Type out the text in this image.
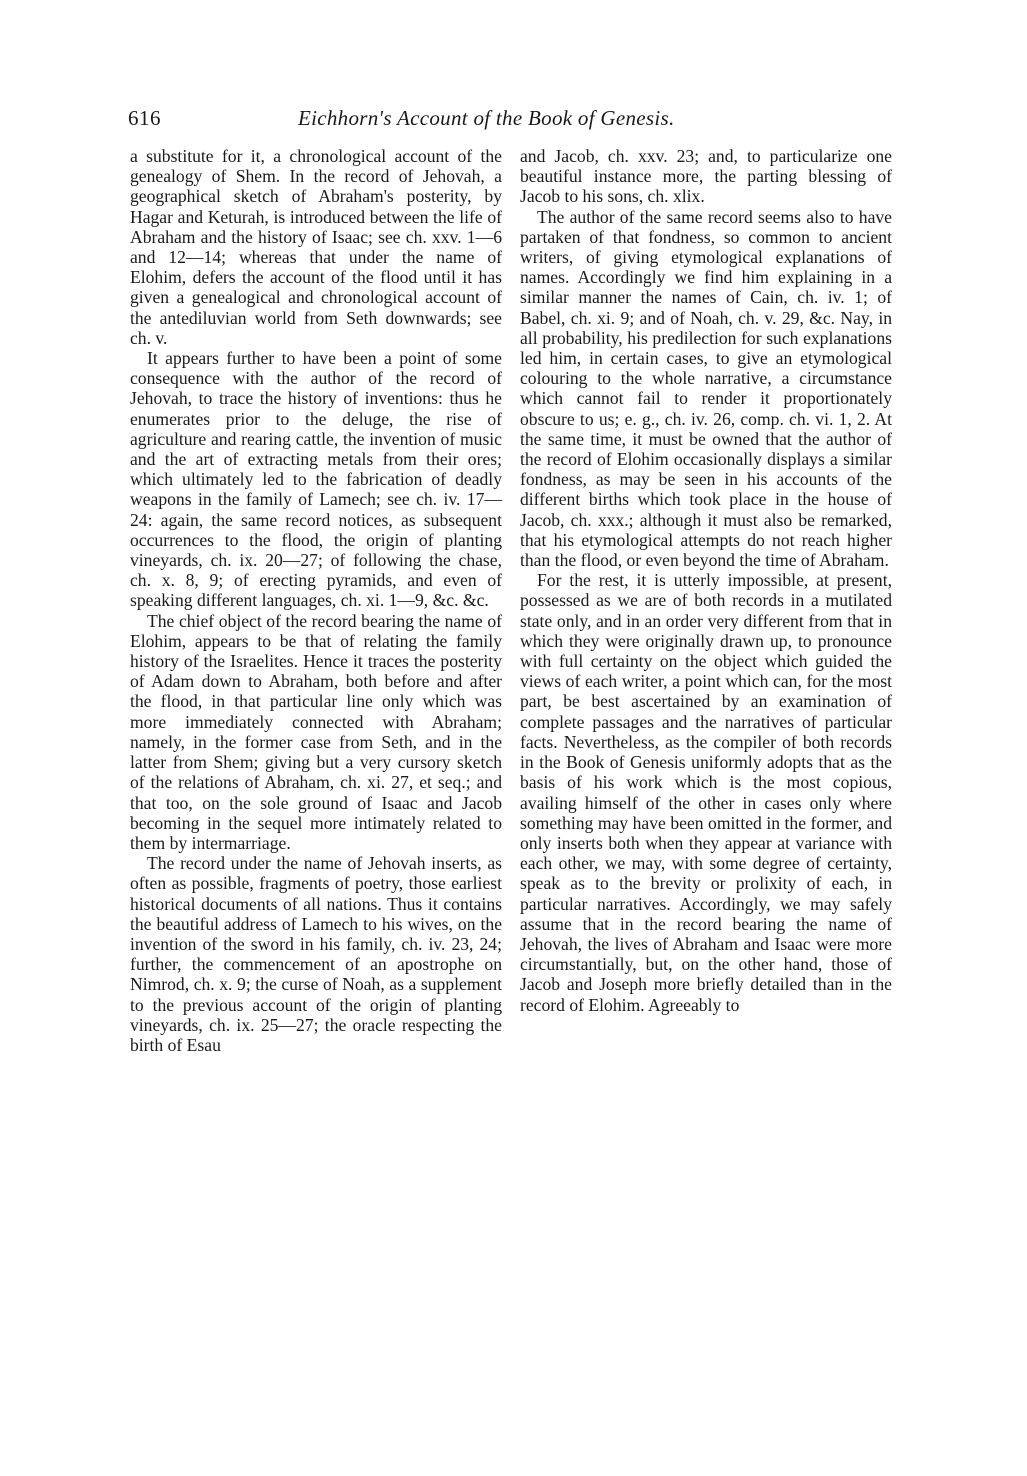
616	Eichhorn's Account of the Book of Genesis.

a substitute for it, a chronological account of the genealogy of Shem. In the record of Jehovah, a geographical sketch of Abraham's posterity, by Hagar and Keturah, is introduced between the life of Abraham and the history of Isaac; see ch. xxv. 1—6 and 12—14; whereas that under the name of Elohim, defers the account of the flood until it has given a genealogical and chronological account of the antediluvian world from Seth downwards; see ch. v.

It appears further to have been a point of some consequence with the author of the record of Jehovah, to trace the history of inventions: thus he enumerates prior to the deluge, the rise of agriculture and rearing cattle, the invention of music and the art of extracting metals from their ores; which ultimately led to the fabrication of deadly weapons in the family of Lamech; see ch. iv. 17—24: again, the same record notices, as subsequent occurrences to the flood, the origin of planting vineyards, ch. ix. 20—27; of following the chase, ch. x. 8, 9; of erecting pyramids, and even of speaking different languages, ch. xi. 1—9, &c. &c.

The chief object of the record bearing the name of Elohim, appears to be that of relating the family history of the Israelites. Hence it traces the posterity of Adam down to Abraham, both before and after the flood, in that particular line only which was more immediately connected with Abraham; namely, in the former case from Seth, and in the latter from Shem; giving but a very cursory sketch of the relations of Abraham, ch. xi. 27, et seq.; and that too, on the sole ground of Isaac and Jacob becoming in the sequel more intimately related to them by intermarriage.

The record under the name of Jehovah inserts, as often as possible, fragments of poetry, those earliest historical documents of all nations. Thus it contains the beautiful address of Lamech to his wives, on the invention of the sword in his family, ch. iv. 23, 24; further, the commencement of an apostrophe on Nimrod, ch. x. 9; the curse of Noah, as a supplement to the previous account of the origin of planting vineyards, ch. ix. 25—27; the oracle respecting the birth of Esau

and Jacob, ch. xxv. 23; and, to particularize one beautiful instance more, the parting blessing of Jacob to his sons, ch. xlix.

The author of the same record seems also to have partaken of that fondness, so common to ancient writers, of giving etymological explanations of names. Accordingly we find him explaining in a similar manner the names of Cain, ch. iv. 1; of Babel, ch. xi. 9; and of Noah, ch. v. 29, &c. Nay, in all probability, his predilection for such explanations led him, in certain cases, to give an etymological colouring to the whole narrative, a circumstance which cannot fail to render it proportionately obscure to us; e. g., ch. iv. 26, comp. ch. vi. 1, 2. At the same time, it must be owned that the author of the record of Elohim occasionally displays a similar fondness, as may be seen in his accounts of the different births which took place in the house of Jacob, ch. xxx.; although it must also be remarked, that his etymological attempts do not reach higher than the flood, or even beyond the time of Abraham.

For the rest, it is utterly impossible, at present, possessed as we are of both records in a mutilated state only, and in an order very different from that in which they were originally drawn up, to pronounce with full certainty on the object which guided the views of each writer, a point which can, for the most part, be best ascertained by an examination of complete passages and the narratives of particular facts. Nevertheless, as the compiler of both records in the Book of Genesis uniformly adopts that as the basis of his work which is the most copious, availing himself of the other in cases only where something may have been omitted in the former, and only inserts both when they appear at variance with each other, we may, with some degree of certainty, speak as to the brevity or prolixity of each, in particular narratives. Accordingly, we may safely assume that in the record bearing the name of Jehovah, the lives of Abraham and Isaac were more circumstantially, but, on the other hand, those of Jacob and Joseph more briefly detailed than in the record of Elohim. Agreeably to
